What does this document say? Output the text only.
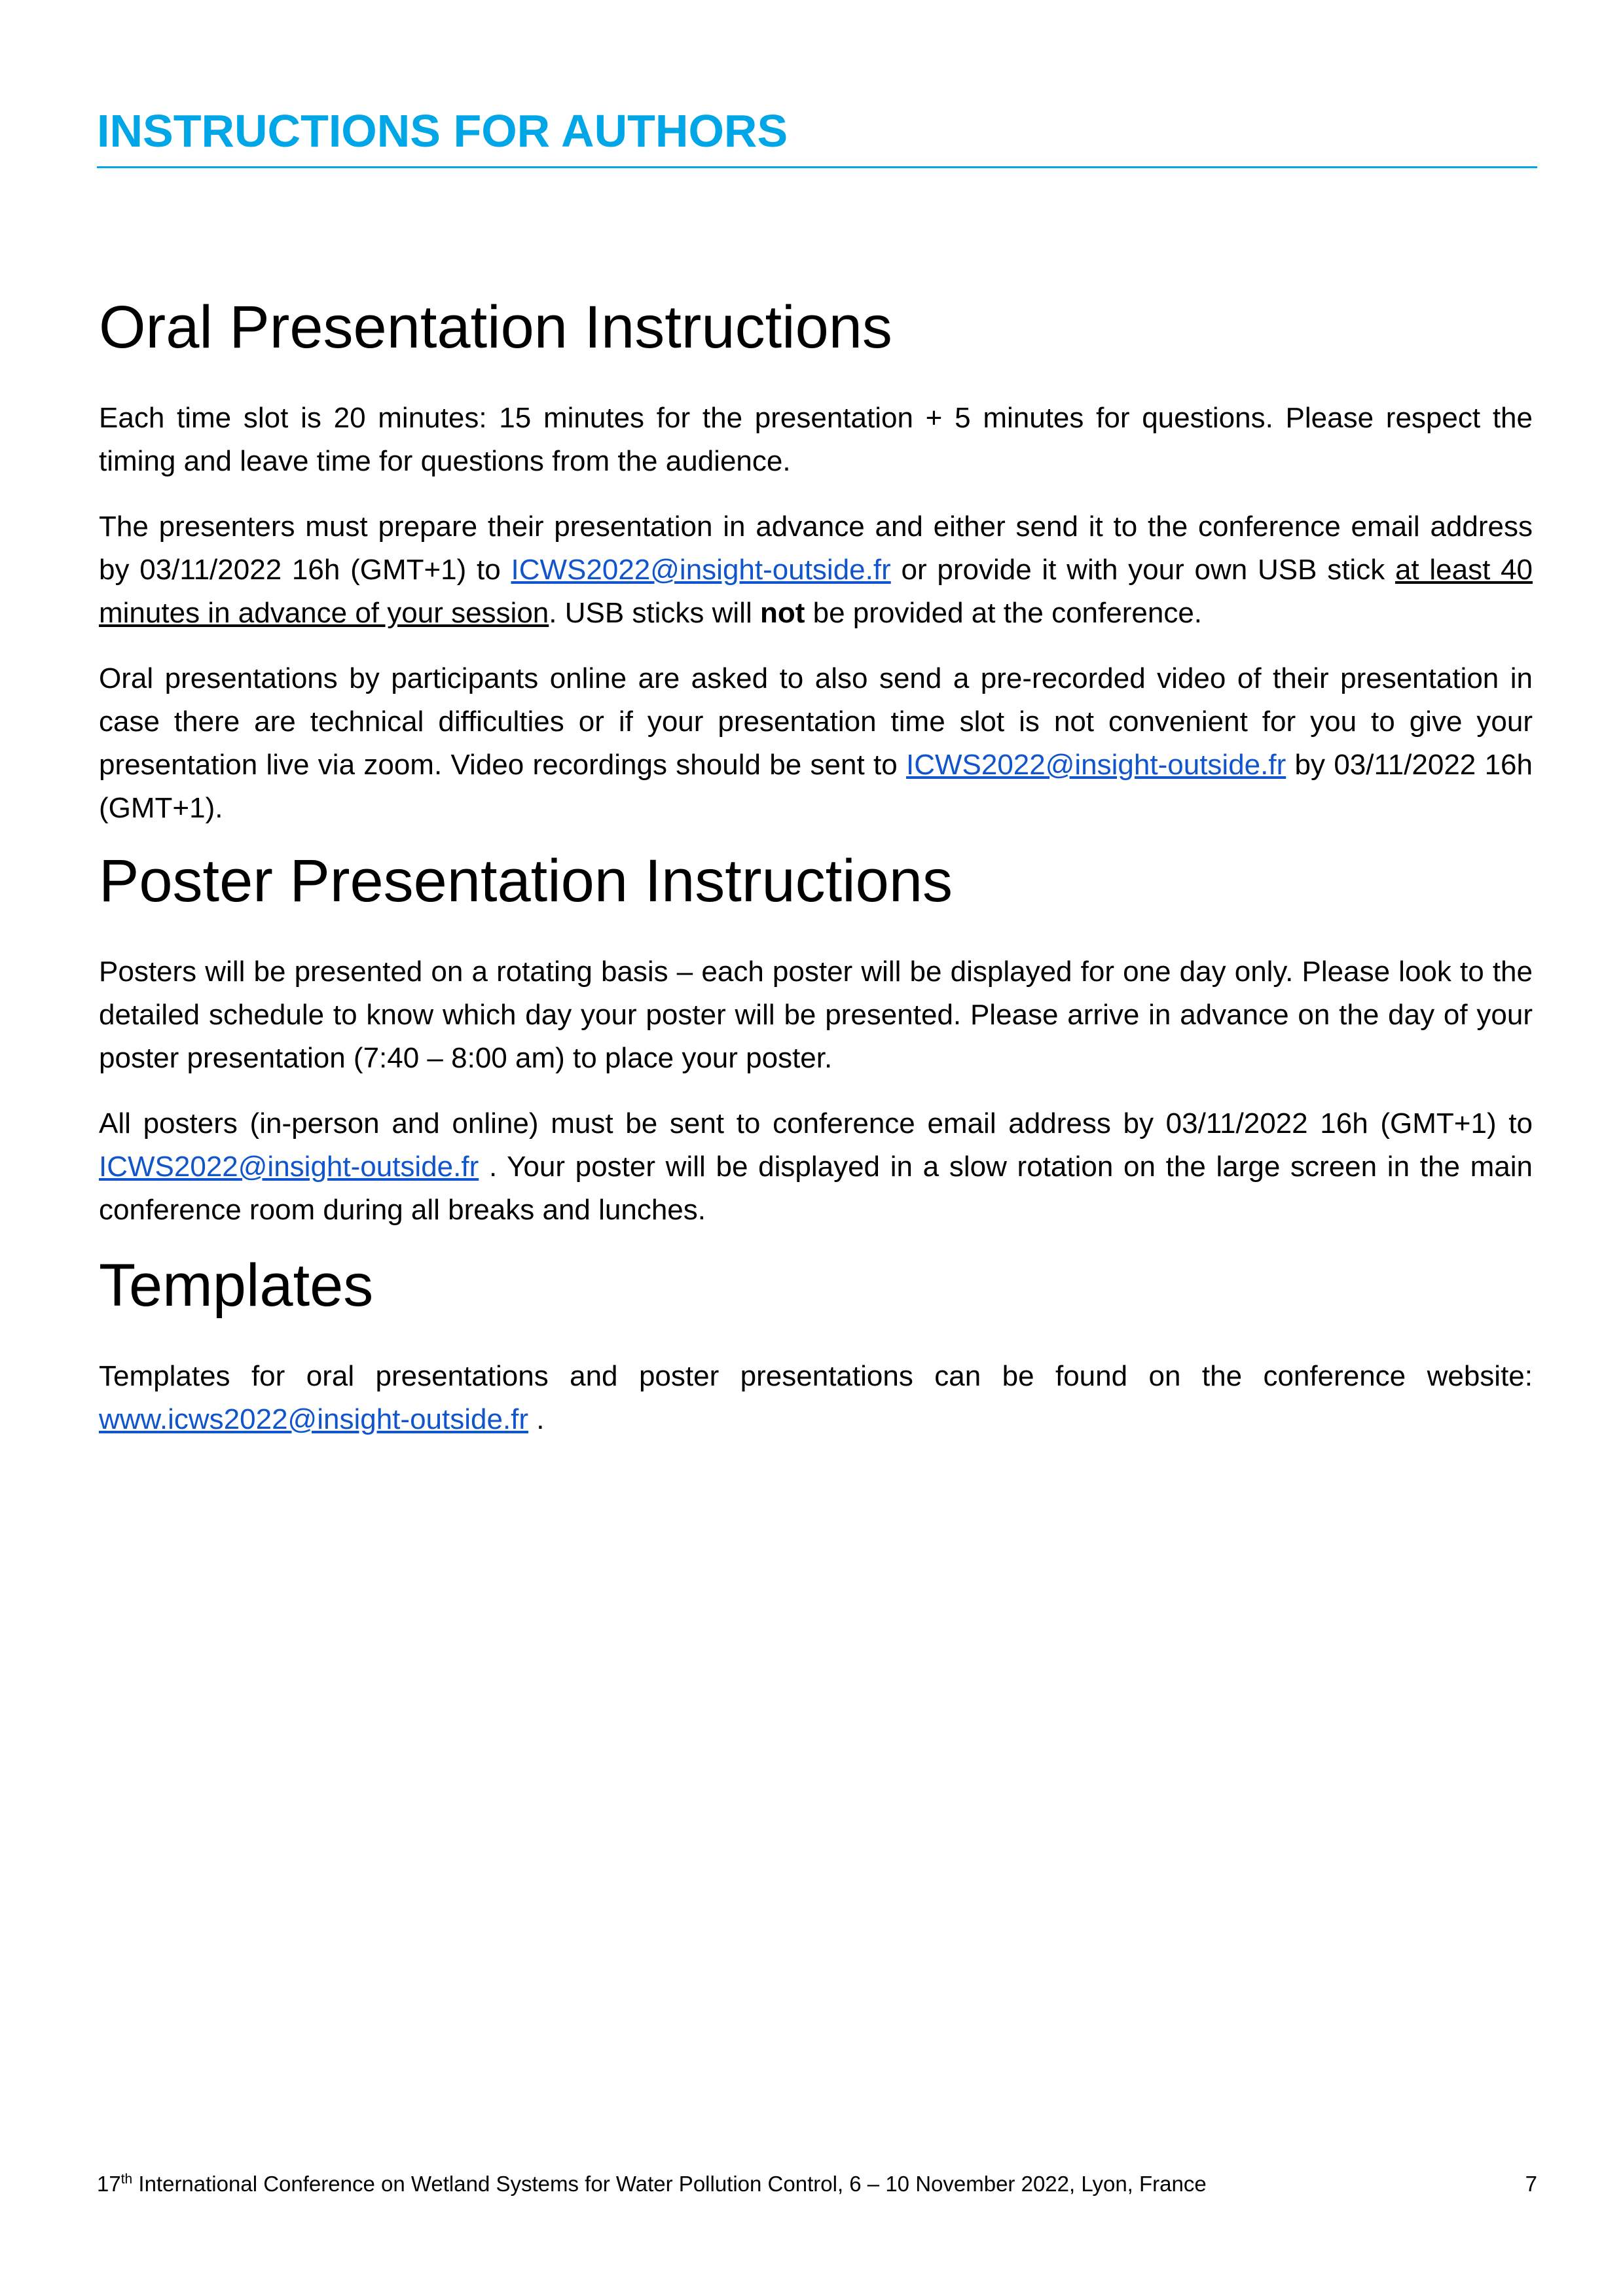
INSTRUCTIONS FOR AUTHORS
Oral Presentation Instructions

Each time slot is 20 minutes: 15 minutes for the presentation + 5 minutes for questions. Please respect the timing and leave time for questions from the audience.

The presenters must prepare their presentation in advance and either send it to the conference email address by 03/11/2022 16h (GMT+1) to ICWS2022@insight-outside.fr or provide it with your own USB stick at least 40 minutes in advance of your session. USB sticks will not be provided at the conference.

Oral presentations by participants online are asked to also send a pre-recorded video of their presentation in case there are technical difficulties or if your presentation time slot is not convenient for you to give your presentation live via zoom. Video recordings should be sent to ICWS2022@insight-outside.fr by 03/11/2022 16h (GMT+1).

Poster Presentation Instructions

Posters will be presented on a rotating basis – each poster will be displayed for one day only. Please look to the detailed schedule to know which day your poster will be presented. Please arrive in advance on the day of your poster presentation (7:40 – 8:00 am) to place your poster.

All posters (in-person and online) must be sent to conference email address by 03/11/2022 16h (GMT+1) to ICWS2022@insight-outside.fr . Your poster will be displayed in a slow rotation on the large screen in the main conference room during all breaks and lunches.

Templates

Templates for oral presentations and poster presentations can be found on the conference website: www.icws2022@insight-outside.fr .

17th International Conference on Wetland Systems for Water Pollution Control, 6 – 10 November 2022, Lyon, France	7
